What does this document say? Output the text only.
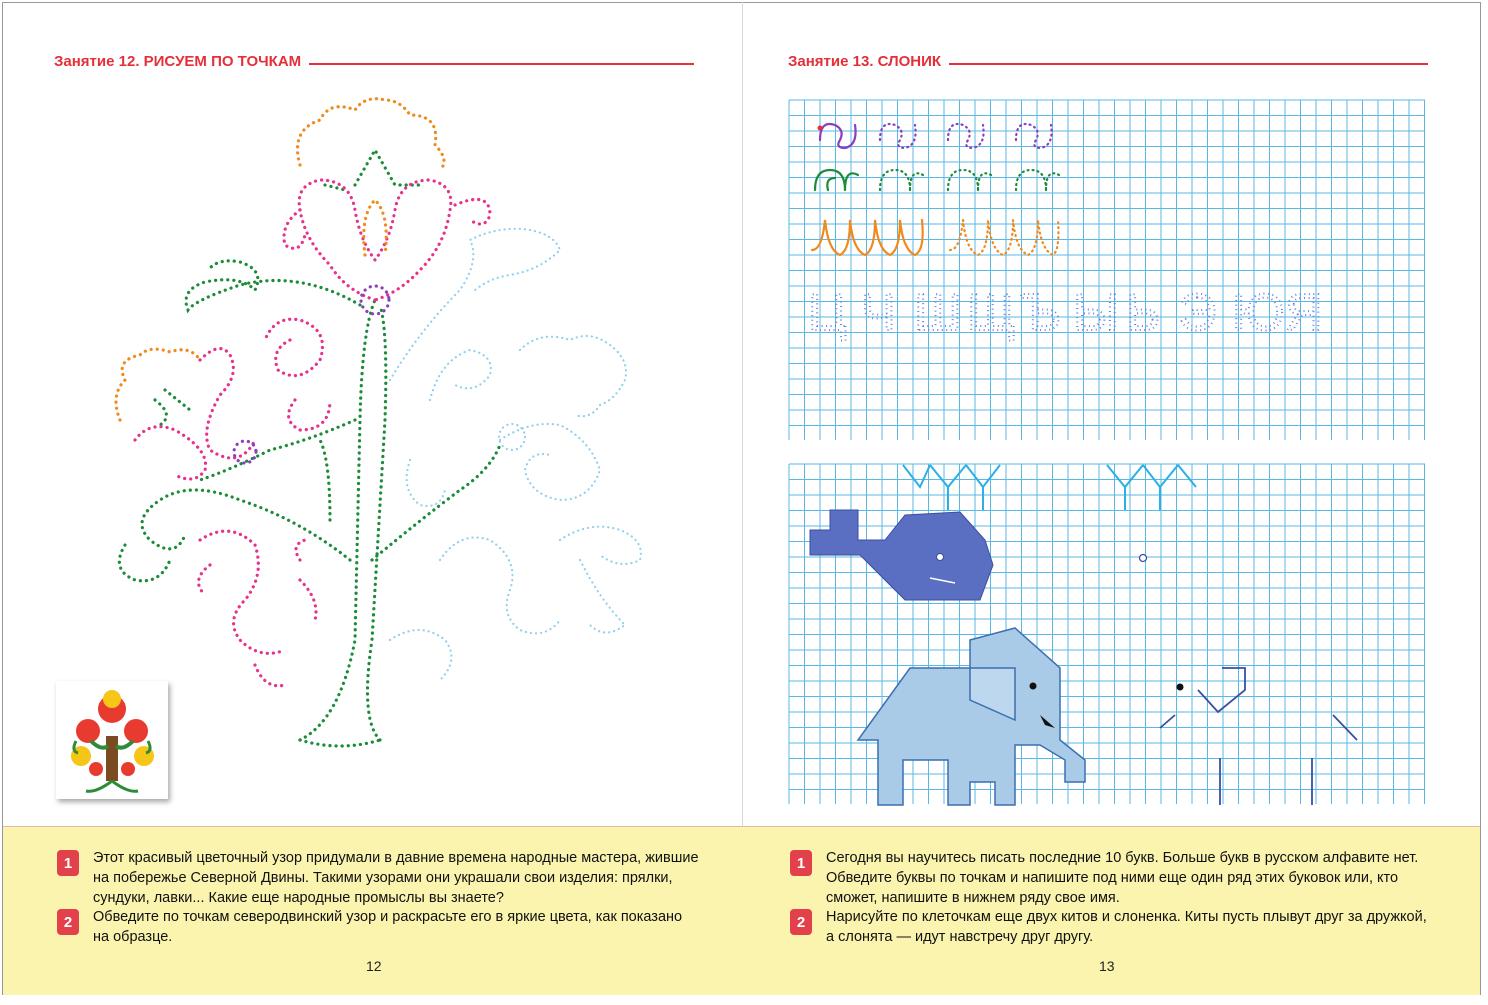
Занятие 12. РИСУЕМ ПО ТОЧКАМ	Занятие 13. СЛОНИК
Ц Ч Ш Щ Ъ Ы Ь Э Ю Я
1	Этот красивый цветочный узор придумали в давние времена народные мастера, жившие на побережье Северной Двины. Такими узорами они украшали свои изделия: прялки, сундуки, лавки... Какие еще народные промыслы вы знаете?
2	Обведите по точкам северодвинский узор и раскрасьте его в яркие цвета, как показано на образце.
1	Сегодня вы научитесь писать последние 10 букв. Больше букв в русском алфавите нет. Обведите буквы по точкам и напишите под ними еще один ряд этих буковок или, кто сможет, напишите в нижнем ряду свое имя.
2	Нарисуйте по клеточкам еще двух китов и слоненка. Киты пусть плывут друг за дружкой, а слонята — идут навстречу друг другу.
12	13
